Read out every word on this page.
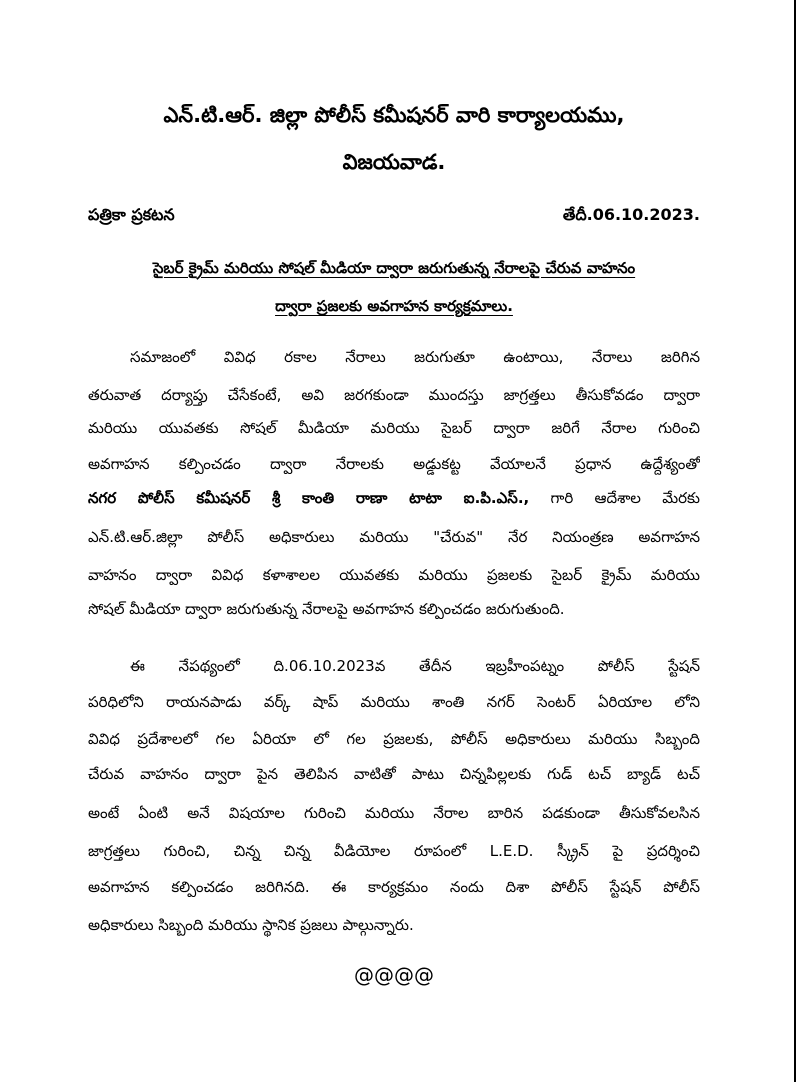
ఎన్.టి.ఆర్. జిల్లా పోలీస్ కమీషనర్ వారి కార్యాలయము,
విజయవాడ.
పత్రికా ప్రకటన	తేదీ.06.10.2023.
సైబర్ క్రైమ్ మరియు సోషల్ మీడియా ద్వారా జరుగుతున్న నేరాలపై చేరువ వాహనం
ద్వారా ప్రజలకు అవగాహన కార్యక్రమాలు.
సమాజంలో వివిధ రకాల నేరాలు జరుగుతూ ఉంటాయి, నేరాలు జరిగిన
తరువాత దర్యాప్తు చేసేకంటే, అవి జరగకుండా ముందస్తు జాగ్రత్తలు తీసుకోవడం ద్వారా
మరియు యువతకు సోషల్ మీడియా మరియు సైబర్ ద్వారా జరిగే నేరాల గురించి
అవగాహన కల్పించడం ద్వారా నేరాలకు అడ్డుకట్ట వేయాలనే ప్రధాన ఉద్దేశ్యంతో
నగర పోలీస్ కమీషనర్ శ్రీ కాంతి రాణా టాటా ఐ.పి.ఎస్., గారి ఆదేశాల మేరకు
ఎన్.టి.ఆర్.జిల్లా పోలీస్ అధికారులు మరియు "చేరువ" నేర నియంత్రణ అవగాహన
వాహనం ద్వారా వివిధ కళాశాలల యువతకు మరియు ప్రజలకు సైబర్ క్రైమ్ మరియు
సోషల్ మీడియా ద్వారా జరుగుతున్న నేరాలపై అవగాహన కల్పించడం జరుగుతుంది.
ఈ నేపథ్యంలో ది.06.10.2023వ తేదీన ఇబ్రహీంపట్నం పోలీస్ స్టేషన్
పరిధిలోని రాయనపాడు వర్క్ షాప్ మరియు శాంతి నగర్ సెంటర్ ఏరియాల లోని
వివిధ ప్రదేశాలలో గల ఏరియా లో గల ప్రజలకు, పోలీస్ అధికారులు మరియు సిబ్బంది
చేరువ వాహనం ద్వారా పైన తెలిపిన వాటితో పాటు చిన్నపిల్లలకు గుడ్ టచ్ బ్యాడ్ టచ్
అంటే ఏంటి అనే విషయాల గురించి మరియు నేరాల బారిన పడకుండా తీసుకోవలసిన
జాగ్రత్తలు గురించి, చిన్న చిన్న వీడియోల రూపంలో L.E.D. స్క్రీన్ పై ప్రదర్శించి
అవగాహన కల్పించడం జరిగినది. ఈ కార్యక్రమం నందు దిశా పోలీస్ స్టేషన్ పోలీస్
అధికారులు సిబ్బంది మరియు స్థానిక ప్రజలు పాల్గున్నారు.
@@@@
